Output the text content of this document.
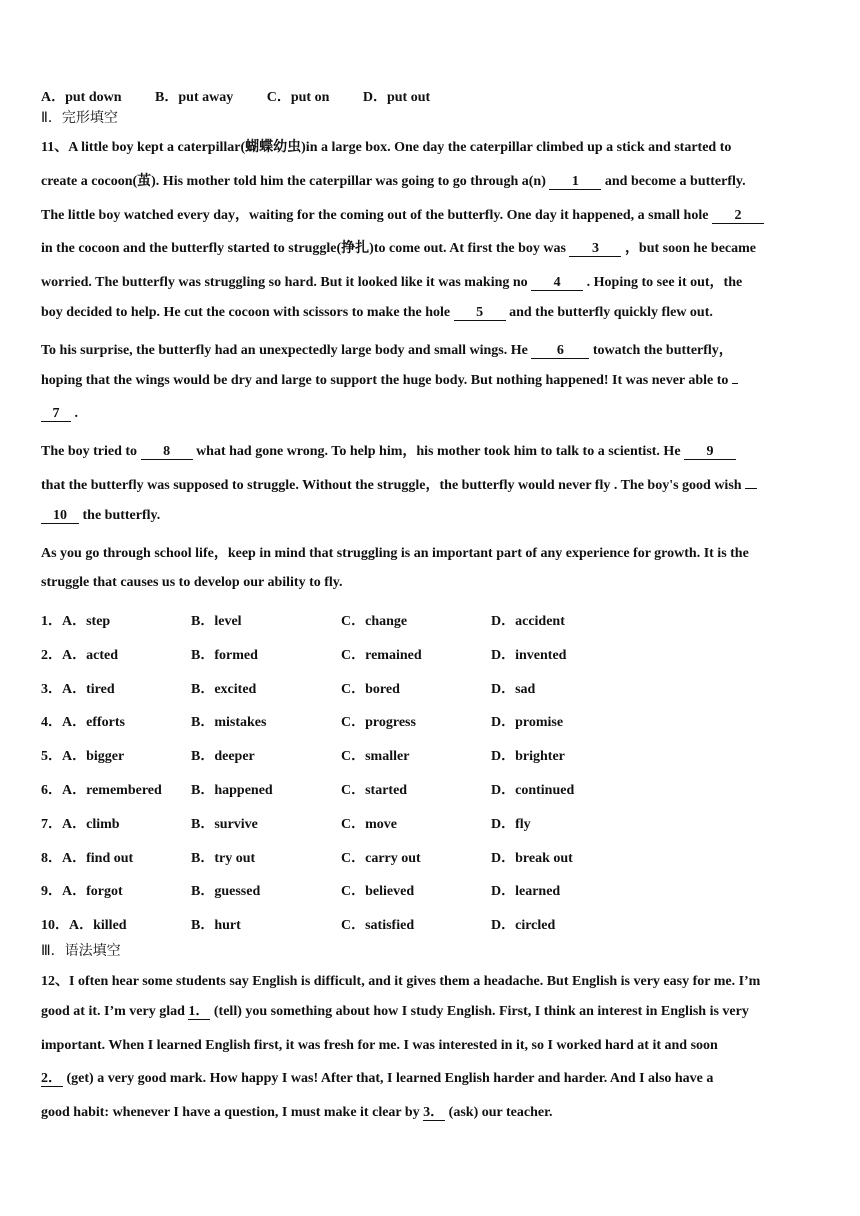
A．put down B．put away C．put on D．put out
Ⅱ．完形填空
11、A little boy kept a caterpillar(蝴蝶幼虫)in a large box. One day the caterpillar climbed up a stick and started to
create a cocoon(茧). His mother told him the caterpillar was going to go through a(n) 1 and become a butterfly.
The little boy watched every day，waiting for the coming out of the butterfly. One day it happened, a small hole 2
in the cocoon and the butterfly started to struggle(挣扎)to come out. At first the boy was 3 ，but soon he became
worried. The butterfly was struggling so hard. But it looked like it was making no 4 . Hoping to see it out，the
boy decided to help. He cut the cocoon with scissors to make the hole 5 and the butterfly quickly flew out.
To his surprise, the butterfly had an unexpectedly large body and small wings. He 6 towatch the butterfly，
hoping that the wings would be dry and large to support the huge body. But nothing happened! It was never able to
7 .
The boy tried to 8 what had gone wrong. To help him，his mother took him to talk to a scientist. He 9
that the butterfly was supposed to struggle. Without the struggle，the butterfly would never fly . The boy's good wish
10 the butterfly.
As you go through school life，keep in mind that struggling is an important part of any experience for growth. It is the
struggle that causes us to develop our ability to fly.
1．A．step	B．level	C．change	D．accident
2．A．acted	B．formed	C．remained	D．invented
3．A．tired	B．excited	C．bored	D．sad
4．A．efforts	B．mistakes	C．progress	D．promise
5．A．bigger	B．deeper	C．smaller	D．brighter
6．A．remembered B．happened	C．started	D．continued
7．A．climb	B．survive	C．move	D．fly
8．A．find out	B．try out	C．carry out	D．break out
9．A．forgot	B．guessed	C．believed	D．learned
10．A．killed	B．hurt	C．satisfied	D．circled
Ⅲ．语法填空
12、I often hear some students say English is difficult, and it gives them a headache. But English is very easy for me. I’m
good at it. I’m very glad 1． (tell) you something about how I study English. First, I think an interest in English is very
important. When I learned English first, it was fresh for me. I was interested in it, so I worked hard at it and soon
2． (get) a very good mark. How happy I was! After that, I learned English harder and harder. And I also have a
good habit: whenever I have a question, I must make it clear by 3． (ask) our teacher.
